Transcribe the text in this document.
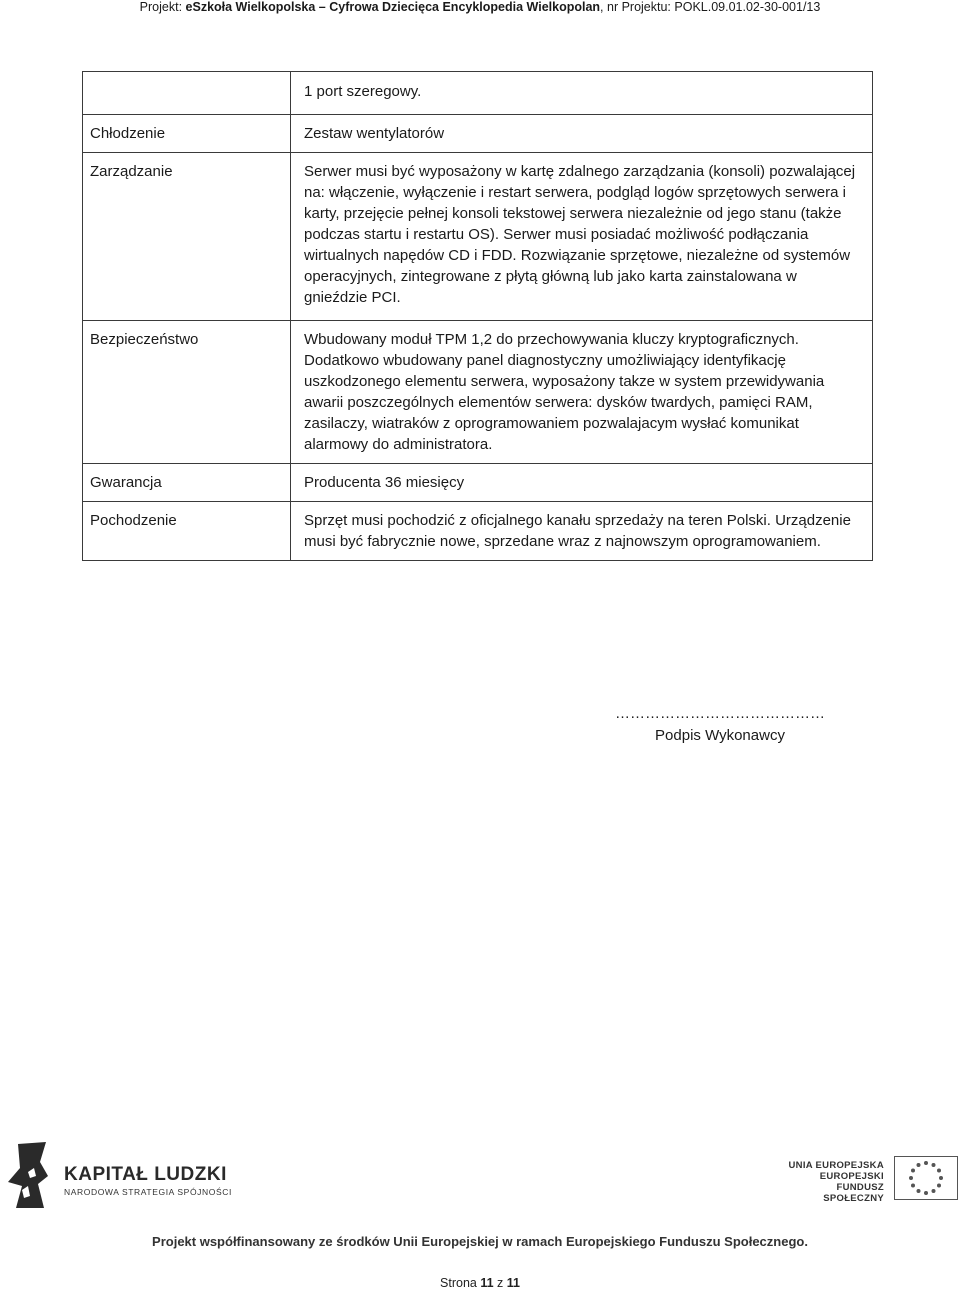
Projekt: eSzkoła Wielkopolska – Cyfrowa Dziecięca Encyklopedia Wielkopolan, nr Projektu: POKL.09.01.02-30-001/13

	1 port szeregowy.

Chłodzenie	Zestaw wentylatorów

Zarządzanie	Serwer musi być wyposażony w kartę zdalnego zarządzania (konsoli) pozwalającej na: włączenie, wyłączenie i restart serwera, podgląd logów sprzętowych serwera i karty, przejęcie pełnej konsoli tekstowej serwera niezależnie od jego stanu (także podczas startu i restartu OS). Serwer musi posiadać możliwość podłączania wirtualnych napędów CD i FDD. Rozwiązanie sprzętowe, niezależne od systemów operacyjnych, zintegrowane z płytą główną lub jako karta zainstalowana w gnieździe PCI.

Bezpieczeństwo	Wbudowany moduł TPM 1,2 do przechowywania kluczy kryptograficznych. Dodatkowo wbudowany panel diagnostyczny umożliwiający identyfikację uszkodzonego elementu serwera, wyposażony takze w system przewidywania awarii poszczególnych elementów serwera: dysków twardych, pamięci RAM, zasilaczy, wiatraków z oprogramowaniem pozwalajacym wysłać komunikat alarmowy do administratora.

Gwarancja	Producenta 36 miesięcy

Pochodzenie	Sprzęt musi pochodzić z oficjalnego kanału sprzedaży na teren Polski. Urządzenie musi być fabrycznie nowe, sprzedane wraz z najnowszym oprogramowaniem.
……………………………………
Podpis Wykonawcy
KAPITAŁ LUDZKI
NARODOWA STRATEGIA SPÓJNOŚCI
UNIA EUROPEJSKA
EUROPEJSKI
FUNDUSZ SPOŁECZNY
Projekt współfinansowany ze środków Unii Europejskiej w ramach Europejskiego Funduszu Społecznego.
Strona 11 z 11
